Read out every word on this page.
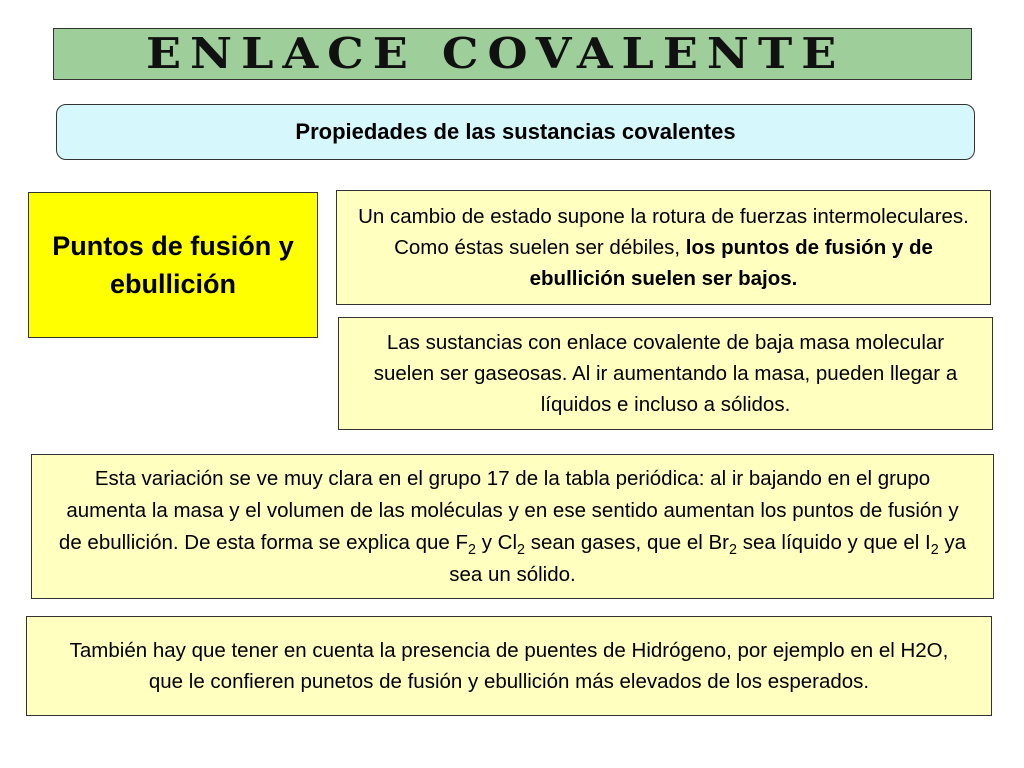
ENLACE COVALENTE
Propiedades de las sustancias covalentes
Puntos de fusión y ebullición
Un cambio de estado supone la rotura de fuerzas intermoleculares. Como éstas suelen ser débiles, los puntos de fusión y de ebullición suelen ser bajos.
Las sustancias con enlace covalente de baja masa molecular suelen ser gaseosas. Al ir aumentando la masa, pueden llegar a líquidos e incluso a sólidos.
Esta variación se ve muy clara en el grupo 17 de la tabla periódica: al ir bajando en el grupo aumenta la masa y el volumen de las moléculas y en ese sentido aumentan los puntos de fusión y de ebullición. De esta forma se explica que $F_2$ y $Cl_2$ sean gases, que el $Br_2$ sea líquido y que el $I_2$ ya sea un sólido.
También hay que tener en cuenta la presencia de puentes de Hidrógeno, por ejemplo en el H2O, que le confieren punetos de fusión y ebullición más elevados de los esperados.
